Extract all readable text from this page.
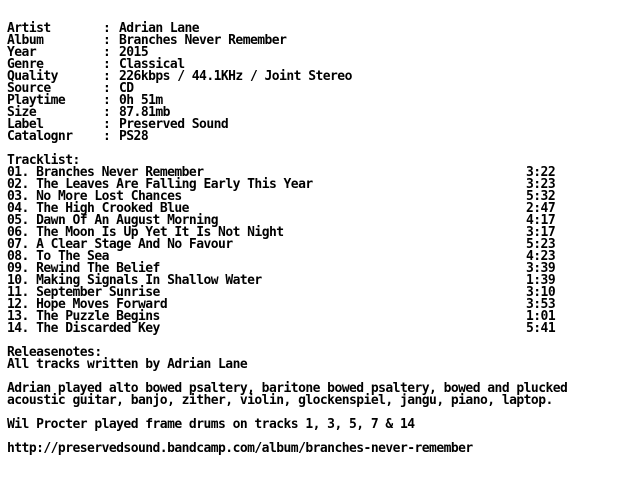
Artist	: Adrian Lane
Album	: Branches Never Remember
Year	: 2015
Genre	: Classical
Quality	: 226kbps / 44.1KHz / Joint Stereo
Source	: CD
Playtime	: 0h 51m
Size	: 87.81mb
Label	: Preserved Sound
Catalognr : PS28
Tracklist:
01. Branches Never Remember	3:22
02. The Leaves Are Falling Early This Year	3:23
03. No More Lost Chances	5:32
04. The High Crooked Blue	2:47
05. Dawn Of An August Morning	4:17
06. The Moon Is Up Yet It Is Not Night	3:17
07. A Clear Stage And No Favour	5:23
08. To The Sea	4:23
09. Rewind The Belief	3:39
10. Making Signals In Shallow Water	1:39
11. September Sunrise	3:10
12. Hope Moves Forward	3:53
13. The Puzzle Begins	1:01
14. The Discarded Key	5:41
Releasenotes:
All tracks written by Adrian Lane
Adrian played alto bowed psaltery, baritone bowed psaltery, bowed and plucked
acoustic guitar, banjo, zither, violin, glockenspiel, jangu, piano, laptop.
Wil Procter played frame drums on tracks 1, 3, 5, 7 & 14
http://preservedsound.bandcamp.com/album/branches-never-remember
